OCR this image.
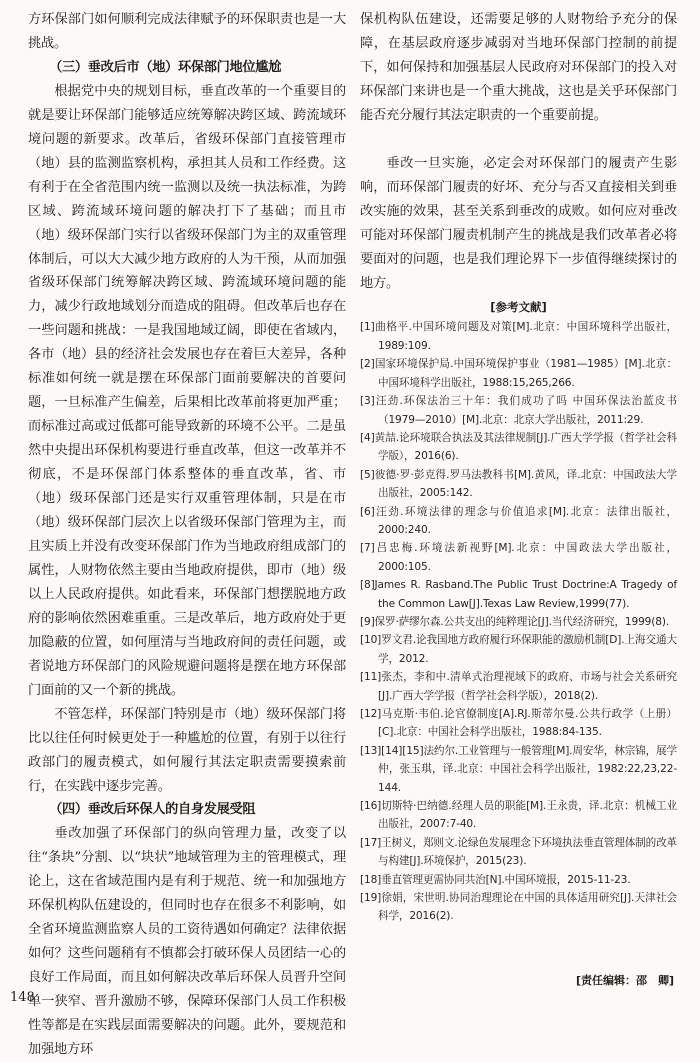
方环保部门如何顺利完成法律赋予的环保职责也是一大挑战。

（三）垂改后市（地）环保部门地位尴尬

根据党中央的规划目标，垂直改革的一个重要目的就是要让环保部门能够适应统筹解决跨区域、跨流域环境问题的新要求。改革后，省级环保部门直接管理市（地）县的监测监察机构，承担其人员和工作经费。这有利于在全省范围内统一监测以及统一执法标准，为跨区域、跨流域环境问题的解决打下了基础；而且市（地）级环保部门实行以省级环保部门为主的双重管理体制后，可以大大减少地方政府的人为干预，从而加强省级环保部门统筹解决跨区域、跨流域环境问题的能力，减少行政地域划分而造成的阻碍。但改革后也存在一些问题和挑战：一是我国地域辽阔，即使在省域内，各市（地）县的经济社会发展也存在着巨大差异，各种标准如何统一就是摆在环保部门面前要解决的首要问题，一旦标准产生偏差，后果相比改革前将更加严重；而标准过高或过低都可能导致新的环境不公平。二是虽然中央提出环保机构要进行垂直改革，但这一改革并不彻底，不是环保部门体系整体的垂直改革，省、市（地）级环保部门还是实行双重管理体制，只是在市（地）级环保部门层次上以省级环保部门管理为主，而且实质上并没有改变环保部门作为当地政府组成部门的属性，人财物依然主要由当地政府提供，即市（地）级以上人民政府提供。如此看来，环保部门想摆脱地方政府的影响依然困难重重。三是改革后，地方政府处于更加隐蔽的位置，如何厘清与当地政府间的责任问题，或者说地方环保部门的风险规避问题将是摆在地方环保部门面前的又一个新的挑战。

不管怎样，环保部门特别是市（地）级环保部门将比以往任何时候更处于一种尴尬的位置，有别于以往行政部门的履责模式，如何履行其法定职责需要摸索前行，在实践中逐步完善。

（四）垂改后环保人的自身发展受阻

垂改加强了环保部门的纵向管理力量，改变了以往“条块”分割、以“块状”地域管理为主的管理模式，理论上，这在省域范围内是有利于规范、统一和加强地方环保机构队伍建设的，但同时也存在很多不利影响，如全省环境监测监察人员的工资待遇如何确定？法律依据如何？这些问题稍有不慎都会打破环保人员团结一心的良好工作局面，而且如何解决改革后环保人员晋升空间单一狭窄、晋升激励不够，保障环保部门人员工作积极性等都是在实践层面需要解决的问题。此外，要规范和加强地方环

保机构队伍建设，还需要足够的人财物给予充分的保障，在基层政府逐步减弱对当地环保部门控制的前提下，如何保持和加强基层人民政府对环保部门的投入对环保部门来讲也是一个重大挑战，这也是关乎环保部门能否充分履行其法定职责的一个重要前提。

垂改一旦实施，必定会对环保部门的履责产生影响，而环保部门履责的好坏、充分与否又直接相关到垂改实施的效果，甚至关系到垂改的成败。如何应对垂改可能对环保部门履责机制产生的挑战是我们改革者必将要面对的问题，也是我们理论界下一步值得继续探讨的地方。

[参考文献]
[1]曲格平.中国环境问题及对策[M].北京：中国环境科学出版社，1989:109.
[2]国家环境保护局.中国环境保护事业（1981—1985）[M].北京：中国环境科学出版社，1988:15,265,266.
[3]汪劲.环保法治三十年：我们成功了吗 中国环保法治蓝皮书（1979—2010）[M].北京：北京大学出版社，2011:29.
[4]黄喆.论环境联合执法及其法律规制[J].广西大学学报（哲学社会科学版），2016(6).
[5]彼德·罗·彭克得.罗马法教科书[M].黄风，译.北京：中国政法大学出版社，2005:142.
[6]汪劲.环境法律的理念与价值追求[M].北京：法律出版社，2000:240.
[7]吕忠梅.环境法新视野[M].北京：中国政法大学出版社，2000:105.
[8]James R. Rasband.The Public Trust Doctrine:A Tragedy of the Common Law[J].Texas Law Review,1999(77).
[9]保罗·萨缪尔森.公共支出的纯粹理论[J].当代经济研究，1999(8).
[10]罗文君.论我国地方政府履行环保职能的激励机制[D].上海交通大学，2012.
[11]张杰，李和中.清单式治理视域下的政府、市场与社会关系研究[J].广西大学学报（哲学社会科学版），2018(2).
[12]马克斯·韦伯.论官僚制度[A].RJ.斯蒂尔曼.公共行政学（上册）[C].北京：中国社会科学出版社，1988:84-135.
[13][14][15]法约尔.工业管理与一般管理[M].周安华，林宗锦，展学仲，张玉琪，译.北京：中国社会科学出版社，1982:22,23,22-144.
[16]切斯特·巴纳德.经理人员的职能[M].王永贵，译.北京：机械工业出版社，2007:7-40.
[17]王树义，郑则文.论绿色发展理念下环境执法垂直管理体制的改革与构建[J].环境保护，2015(23).
[18]垂直管理更需协同共治[N].中国环境报，2015-11-23.
[19]徐娟，宋世明.协同治理理论在中国的具体适用研究[J].天津社会科学，2016(2).
[责任编辑：邵　卿]
148
